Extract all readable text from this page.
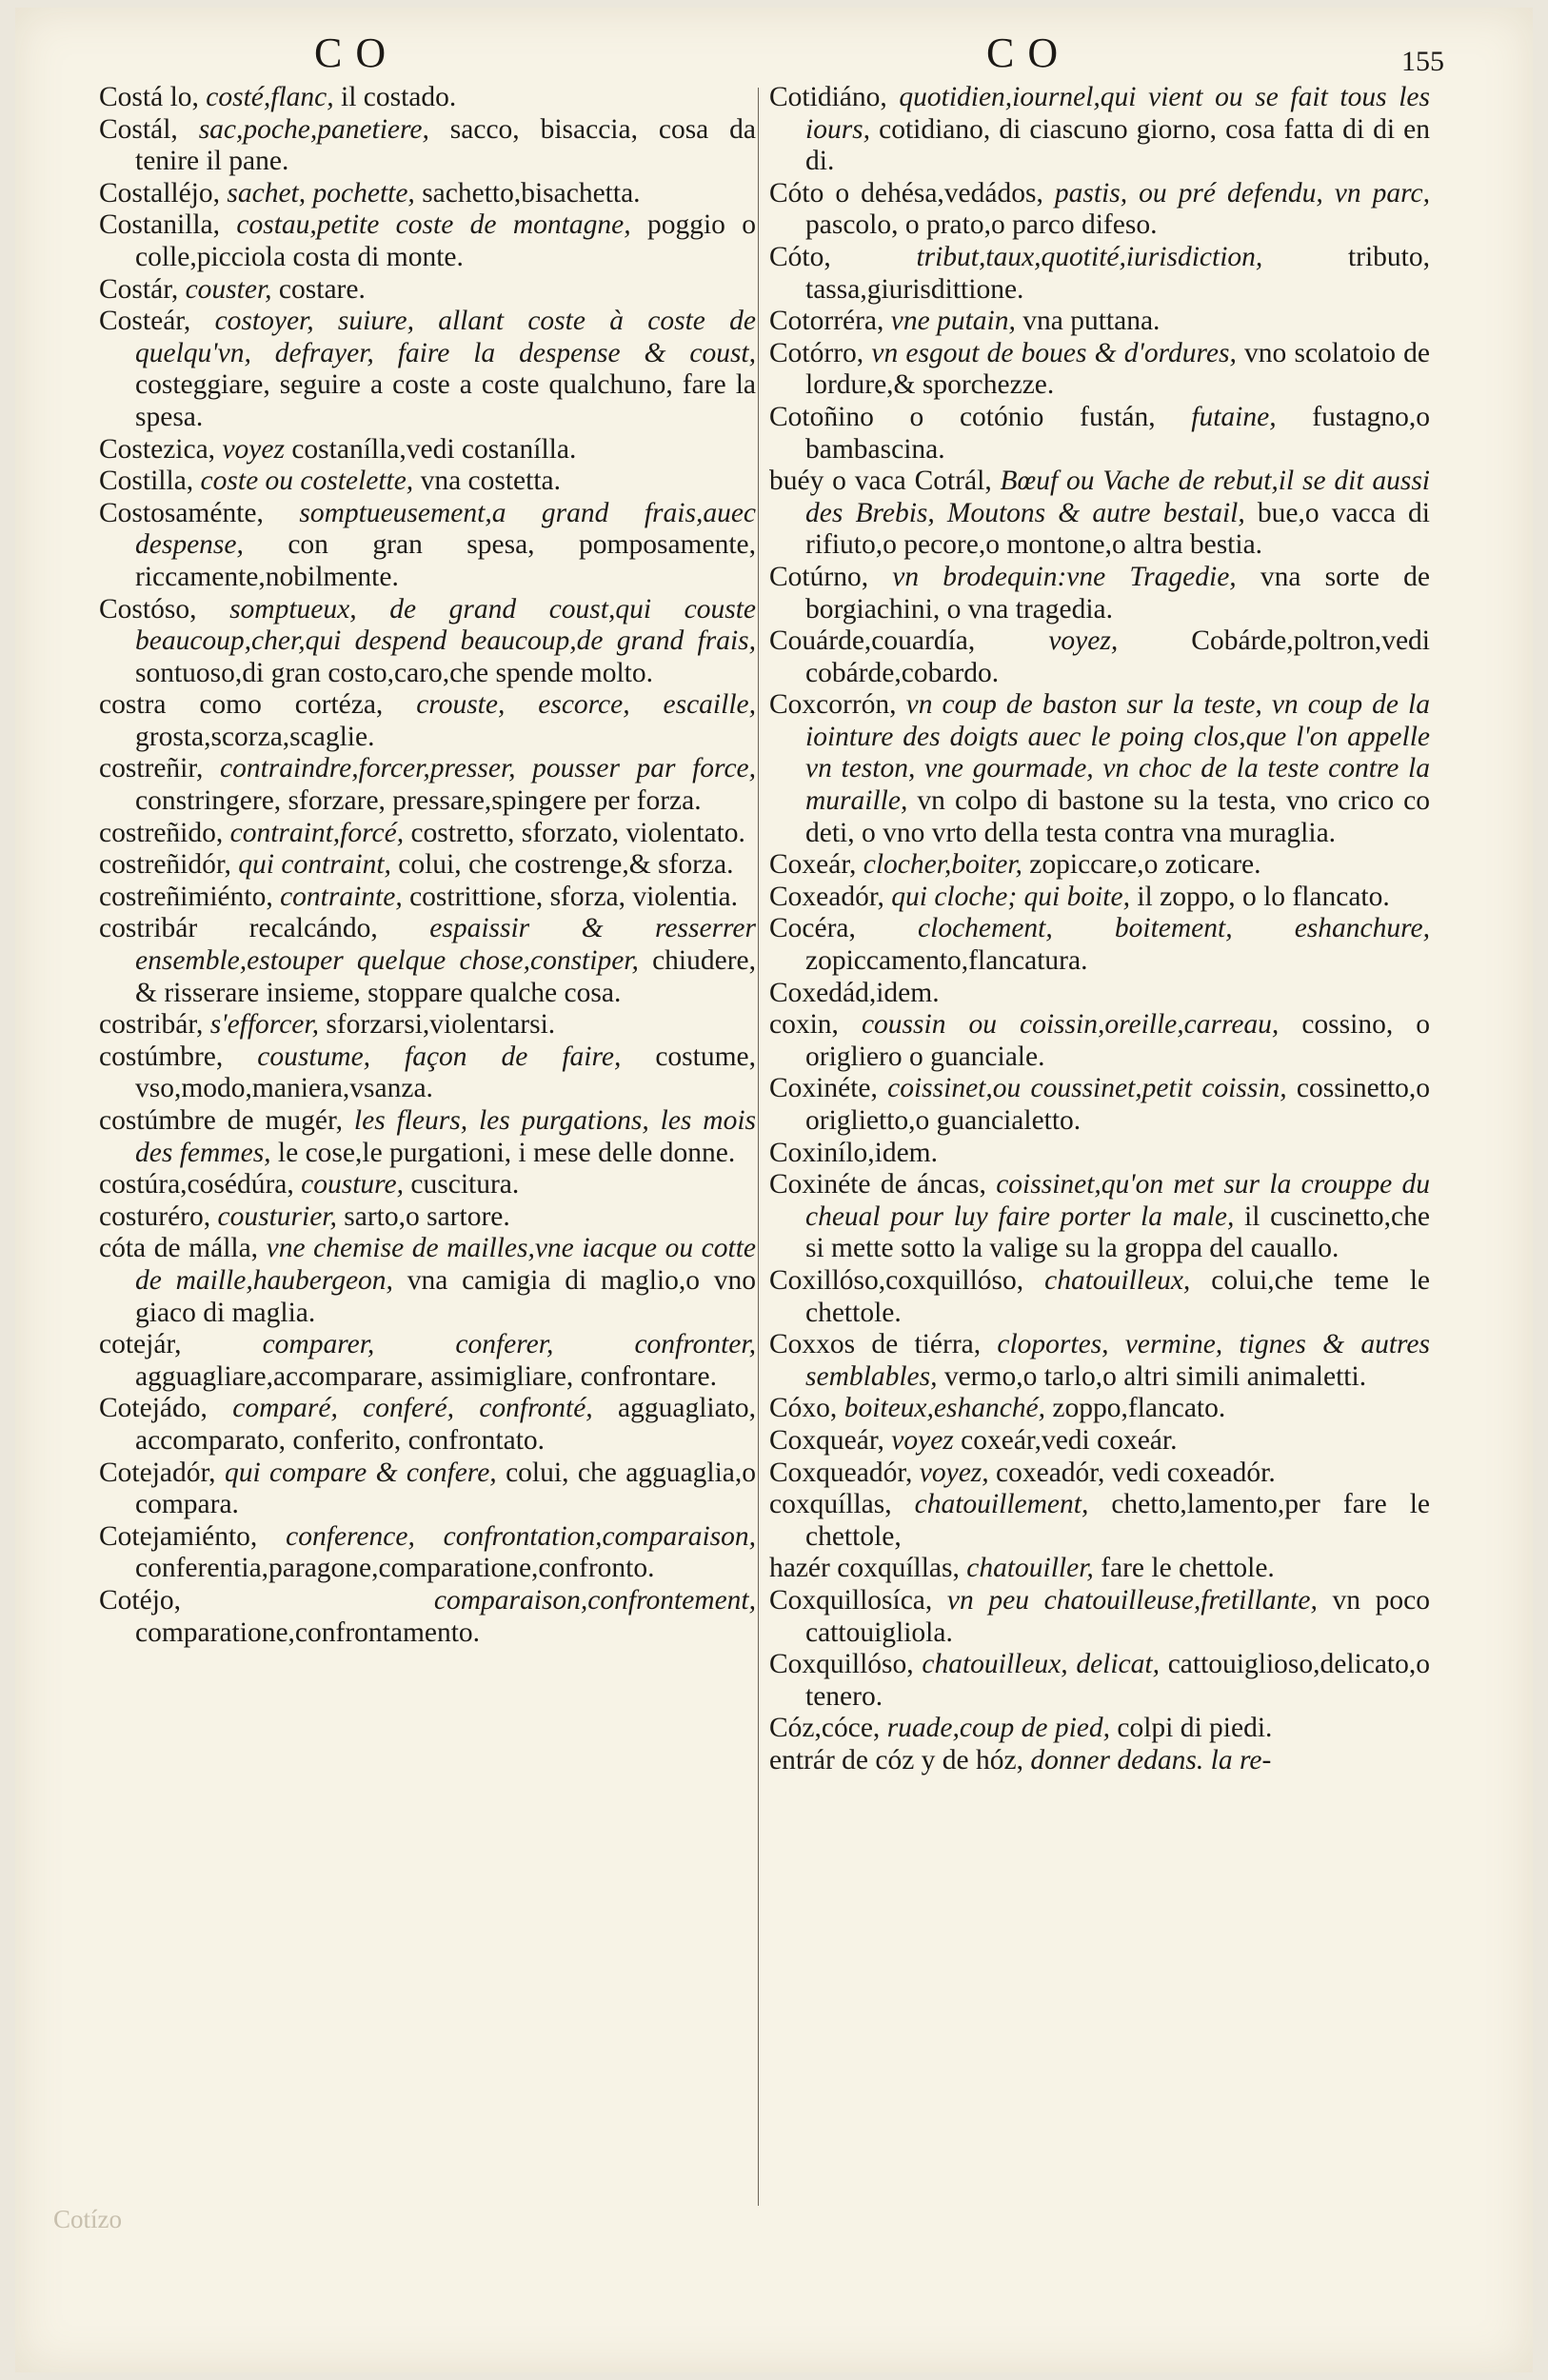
CO	CO	155

Costá lo, costé,flanc, il costado.

Costál, sac,poche,panetiere, sacco, bisaccia, cosa da tenire il pane.

Costalléjo, sachet, pochette, sachetto,bisachetta.

Costanilla, costau,petite coste de montagne, poggio o colle,picciola costa di monte.

Costár, couster, costare.

Costeár, costoyer, suiure, allant coste à coste de quelqu'vn, defrayer, faire la despense & coust, costeggiare, seguire a coste a coste qualchuno, fare la spesa.

Costezica, voyez costanílla,vedi costanílla.

Costilla, coste ou costelette, vna costetta.

Costosaménte, somptueusement,a grand frais,auec despense, con gran spesa, pomposamente, riccamente,nobilmente.

Costóso, somptueux, de grand coust,qui couste beaucoup,cher,qui despend beaucoup,de grand frais, sontuoso,di gran costo,caro,che spende molto.

costra como cortéza, crouste, escorce, escaille, grosta,scorza,scaglie.

costreñir, contraindre,forcer,presser, pousser par force, constringere, sforzare, pressare,spingere per forza.

costreñido, contraint,forcé, costretto, sforzato, violentato.

costreñidór, qui contraint, colui, che costrenge,& sforza.

costreñimiénto, contrainte, costrittione, sforza, violentia.

costribár recalcándo, espaissir & resserrer ensemble,estouper quelque chose,constiper, chiudere, & risserare insieme, stoppare qualche cosa.

costribár, s'efforcer, sforzarsi,violentarsi.

costúmbre, coustume, façon de faire, costume, vso,modo,maniera,vsanza.

costúmbre de mugér, les fleurs, les purgations, les mois des femmes, le cose,le purgationi, i mese delle donne.

costúra,cosédúra, cousture, cuscitura.

costuréro, cousturier, sarto,o sartore.

cóta de málla, vne chemise de mailles,vne iacque ou cotte de maille,haubergeon, vna camigia di maglio,o vno giaco di maglia.

cotejár,	comparer, conferer, confronter, agguagliare,accomparare, assimigliare, confrontare.

Cotejádo, comparé, conferé, confronté, agguagliato, accomparato, conferito, confrontato.

Cotejadór, qui compare & confere, colui, che agguaglia,o compara.

Cotejamiénto, conference, confrontation,comparaison, conferentia,paragone,comparatione,confronto.

Cotéjo,	comparaison,confrontement, comparatione,confrontamento.

Cotidiáno, quotidien,iournel,qui vient ou se fait tous les iours, cotidiano, di ciascuno giorno, cosa fatta di di en di.

Cóto o dehésa,vedádos, pastis, ou pré defendu, vn parc, pascolo, o prato,o parco difeso.

Cóto,	tribut,taux,quotité,iurisdiction,	tributo, tassa,giurisdittione.

Cotorréra, vne putain, vna puttana.

Cotórro, vn esgout de boues & d'ordures, vno scolatoio de lordure,& sporchezze.

Cotoñino o cotónio fustán, futaine, fustagno,o bambascina.

buéy o vaca Cotrál, Bœuf ou Vache de rebut,il se dit aussi des Brebis, Moutons & autre bestail, bue,o vacca di rifiuto,o pecore,o montone,o altra bestia.

Cotúrno, vn brodequin:vne Tragedie, vna sorte de borgiachini, o vna tragedia.

Couárde,couardía,	voyez,	Cobárde,poltron,vedi cobárde,cobardo.

Coxcorrón, vn coup de baston sur la teste, vn coup de la iointure des doigts auec le poing clos,que l'on appelle vn teston, vne gourmade, vn choc de la teste contre la muraille, vn colpo di bastone su la testa, vno crico co deti, o vno vrto della testa contra vna muraglia.

Coxeár, clocher,boiter, zopiccare,o zoticare.

Coxeadór, qui cloche; qui boite, il zoppo, o lo flancato.

Cocéra, clochement, boitement, eshanchure, zopiccamento,flancatura.

Coxedád,idem.

coxin, coussin ou coissin,oreille,carreau, cossino, o origliero o guanciale.

Coxinéte, coissinet,ou coussinet,petit coissin, cossinetto,o origlietto,o guancialetto.

Coxinílo,idem.

Coxinéte de áncas, coissinet,qu'on met sur la crouppe du cheual pour luy faire porter la male, il cuscinetto,che si mette sotto la valige su la groppa del cauallo.

Coxillóso,coxquillóso, chatouilleux, colui,che teme le chettole.

Coxxos de tiérra, cloportes, vermine, tignes & autres semblables, vermo,o tarlo,o altri simili animaletti.

Cóxo, boiteux,eshanché, zoppo,flancato.

Coxqueár, voyez coxeár,vedi coxeár.

Coxqueadór, voyez, coxeadór, vedi coxeadór.

coxquíllas, chatouillement, chetto,lamento,per fare le chettole,

hazér coxquíllas, chatouiller, fare le chettole.

Coxquillosíca, vn peu chatouilleuse,fretillante, vn poco cattouigliola.

Coxquillóso, chatouilleux, delicat, cattouiglioso,delicato,o tenero.

Cóz,cóce, ruade,coup de pied, colpi di piedi.

entrár de cóz y de hóz, donner dedans. la re-

Cotízo
